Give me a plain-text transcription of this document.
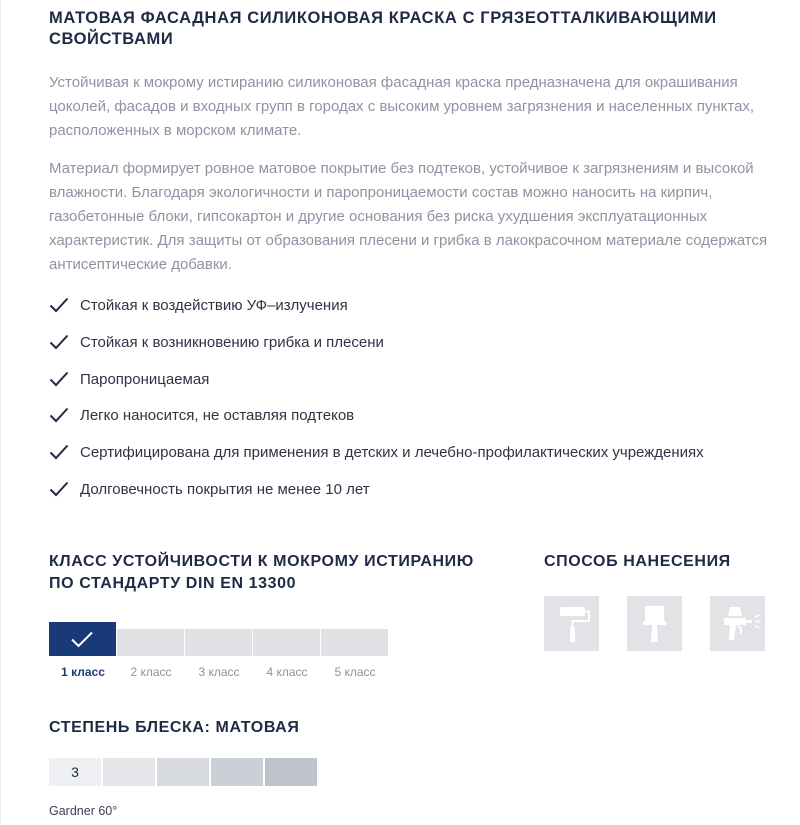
МАТОВАЯ ФАСАДНАЯ СИЛИКОНОВАЯ КРАСКА С ГРЯЗЕОТТАЛКИВАЮЩИМИ СВОЙСТВАМИ

Устойчивая к мокрому истиранию силиконовая фасадная краска предназначена для окрашивания цоколей, фасадов и входных групп в городах с высоким уровнем загрязнения и населенных пунктах, расположенных в морском климате.

Материал формирует ровное матовое покрытие без подтеков, устойчивое к загрязнениям и высокой влажности. Благодаря экологичности и паропроницаемости состав можно наносить на кирпич, газобетонные блоки, гипсокартон и другие основания без риска ухудшения эксплуатационных характеристик. Для защиты от образования плесени и грибка в лакокрасочном материале содержатся антисептические добавки.

Стойкая к воздействию УФ–излучения
Стойкая к возникновению грибка и плесени
Паропроницаемая
Легко наносится, не оставляя подтеков
Сертифицирована для применения в детских и лечебно-профилактических учреждениях
Долговечность покрытия не менее 10 лет
КЛАСС УСТОЙЧИВОСТИ К МОКРОМУ ИСТИРАНИЮ
ПО СТАНДАРТУ DIN EN 13300
1 класс	2 класс	3 класс	4 класс	5 класс
СПОСОБ НАНЕСЕНИЯ
СТЕПЕНЬ БЛЕСКА: МАТОВАЯ
3
Gardner 60°
